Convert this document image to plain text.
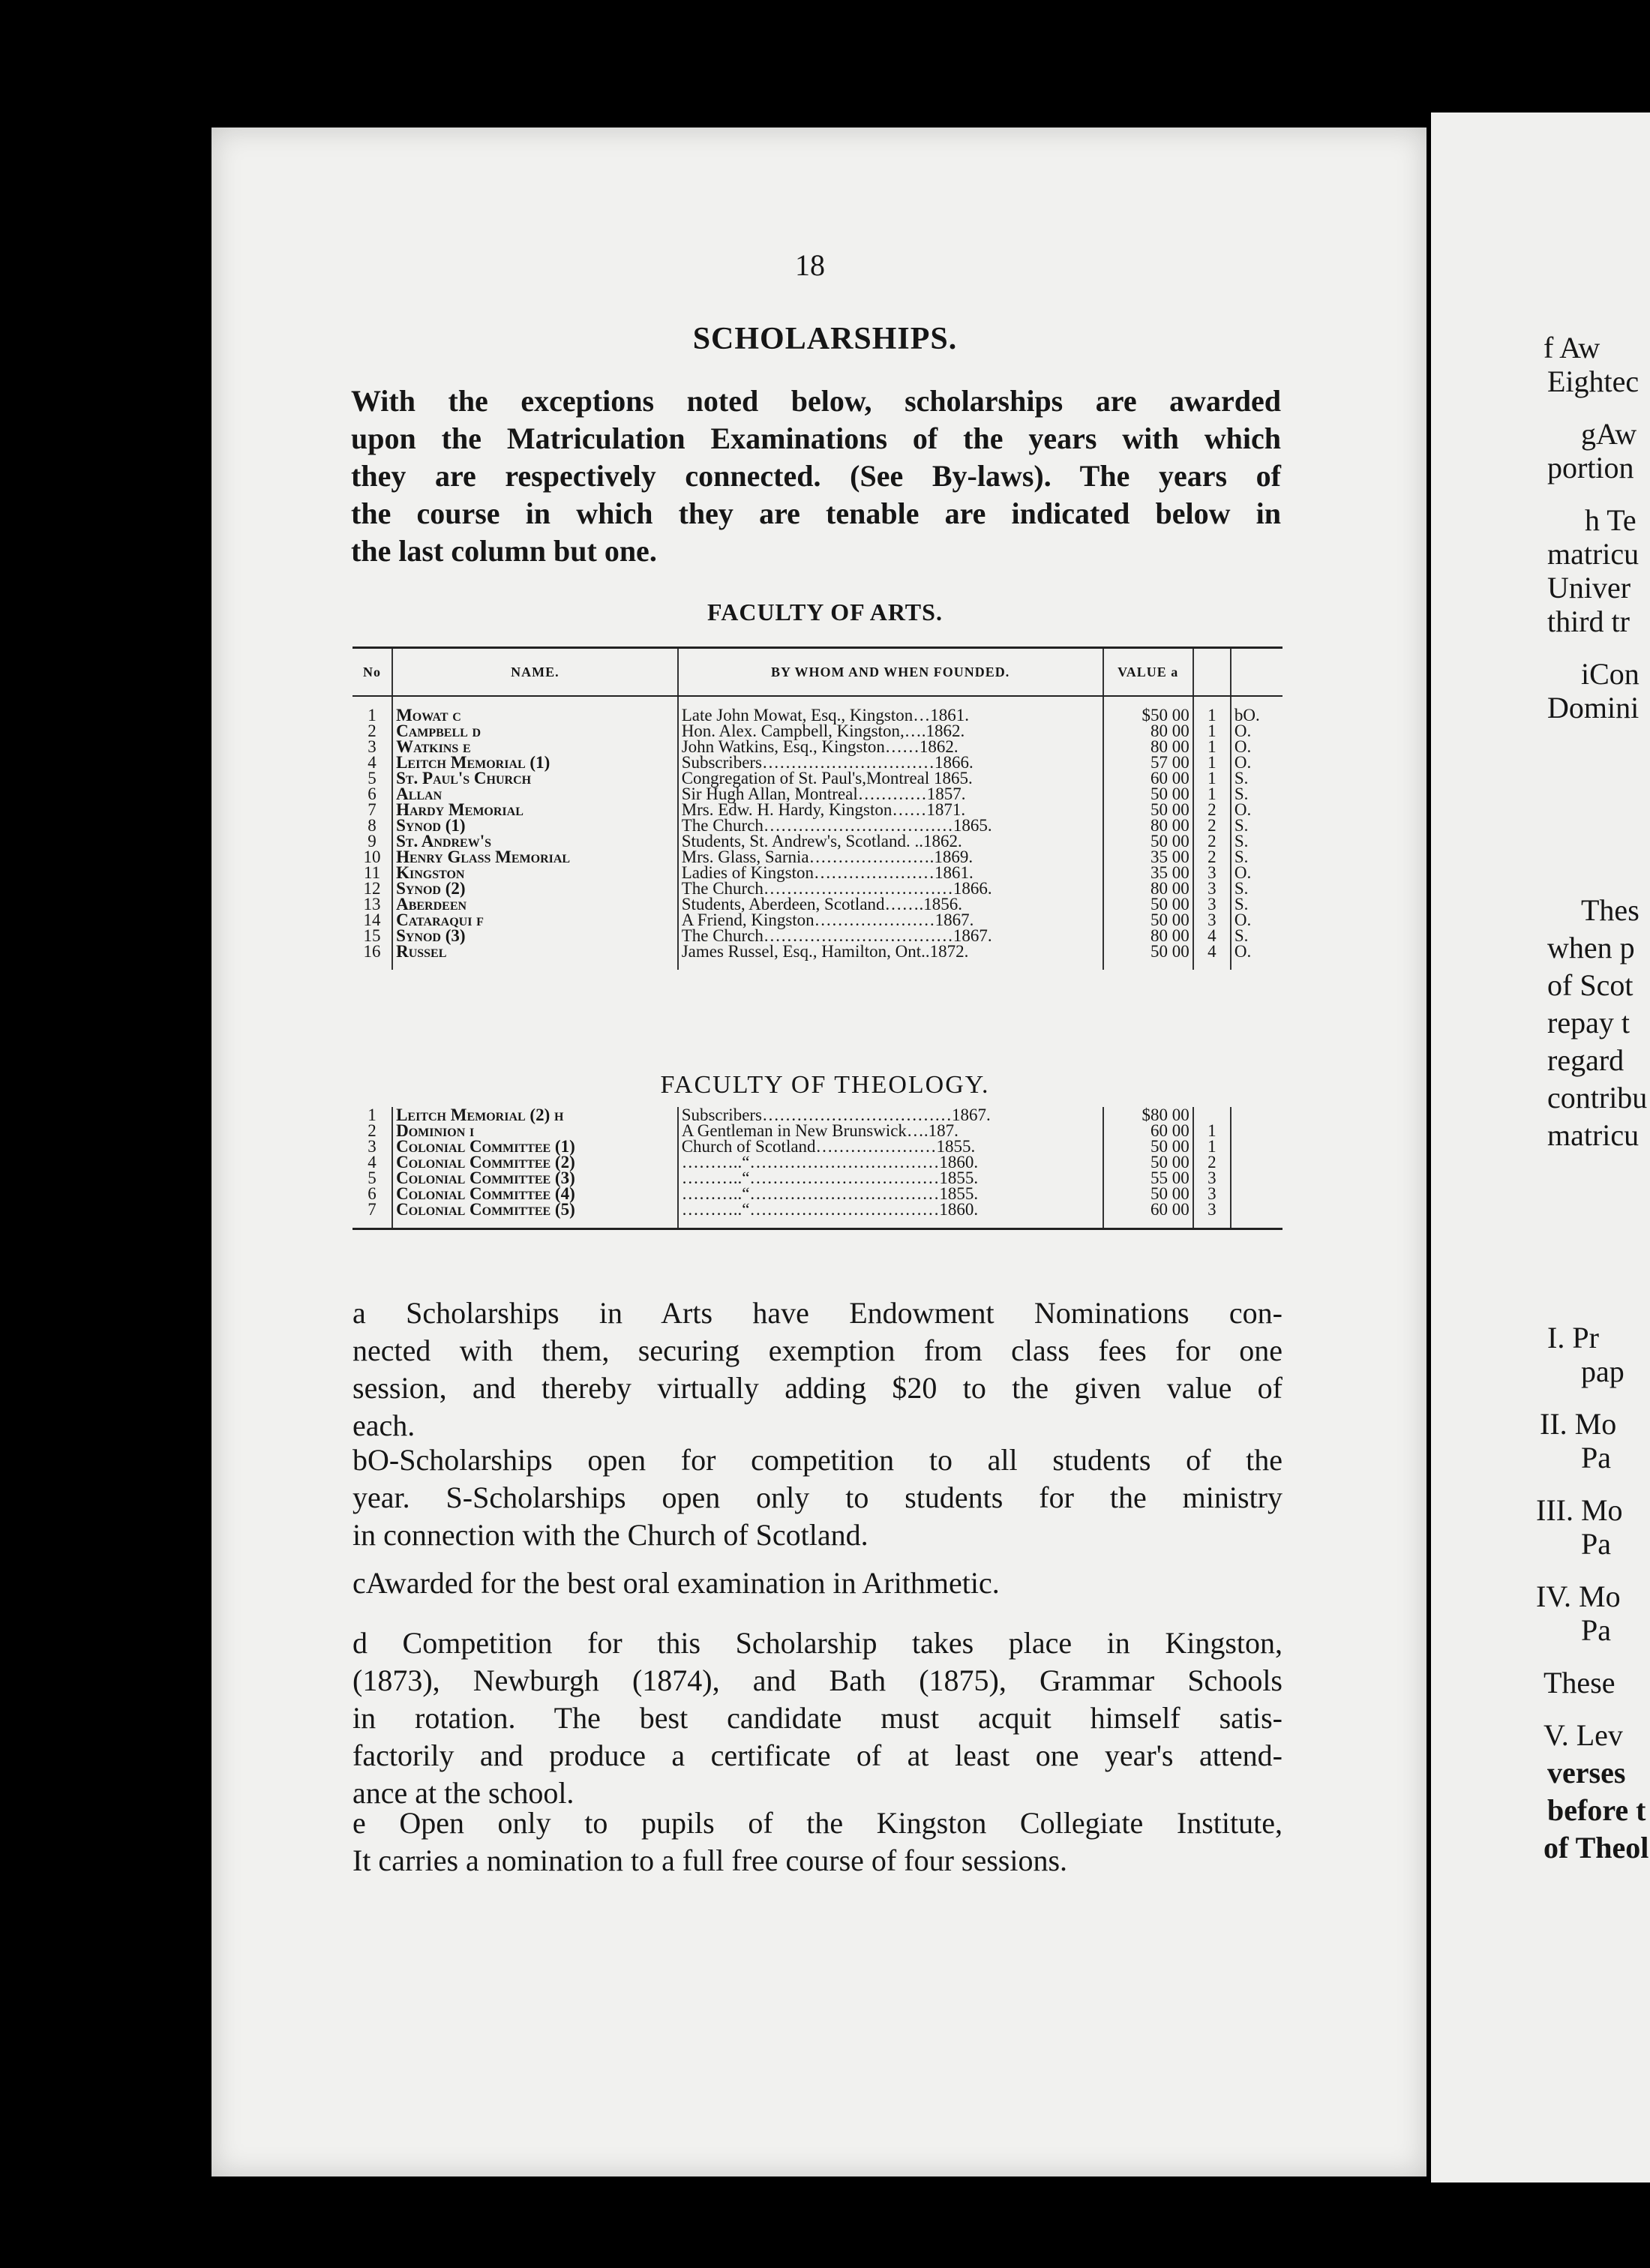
f Aw
Eightec
gAw
portion
h Te
matricu
Univer
third tr
iCon
Domini
Thes
when p
of Scot
repay t
regard
contribu
matricu
I. Pr
pap
II. Mo
Pa
III. Mo
Pa
IV. Mo
Pa
These
V. Lev
verses
before t
of Theol
18
SCHOLARSHIPS.
With the exceptions noted below, scholarships are awarded
upon the Matriculation Examinations of the years with which
they are respectively connected. (See By-laws). The years of
the course in which they are tenable are indicated below in
the last column but one.
FACULTY OF ARTS.
No	NAME.	BY WHOM AND WHEN FOUNDED.	VALUE a		

1	Mowat c	Late John Mowat, Esq., Kingston…1861.	$50 00	1	bO.
2	Campbell d	Hon. Alex. Campbell, Kingston,….1862.	80 00	1	O.
3	Watkins e	John Watkins, Esq., Kingston……1862.	80 00	1	O.
4	Leitch Memorial (1)	Subscribers…………………………1866.	57 00	1	O.
5	St. Paul's Church	Congregation of St. Paul's,Montreal 1865.	60 00	1	S.
6	Allan	Sir Hugh Allan, Montreal…………1857.	50 00	1	S.
7	Hardy Memorial	Mrs. Edw. H. Hardy, Kingston……1871.	50 00	2	O.
8	Synod (1)	The Church……………………………1865.	80 00	2	S.
9	St. Andrew's	Students, St. Andrew's, Scotland. ..1862.	50 00	2	S.
10	Henry Glass Memorial	Mrs. Glass, Sarnia………………….1869.	35 00	2	S.
11	Kingston	Ladies of Kingston…………………1861.	35 00	3	O.
12	Synod (2)	The Church……………………………1866.	80 00	3	S.
13	Aberdeen	Students, Aberdeen, Scotland…….1856.	50 00	3	S.
14	Cataraqui f	A Friend, Kingston…………………1867.	50 00	3	O.
15	Synod (3)	The Church……………………………1867.	80 00	4	S.
16	Russel	James Russel, Esq., Hamilton, Ont..1872.	50 00	4	O.

FACULTY OF THEOLOGY.
1	Leitch Memorial (2) h	Subscribers……………………………1867.	$80 00		
2	Dominion i	A Gentleman in New Brunswick….187.	60 00	1	
3	Colonial Committee (1)	Church of Scotland…………………1855.	50 00	1	
4	Colonial Committee (2)	………..“……………………………1860.	50 00	2	
5	Colonial Committee (3)	………..“……………………………1855.	55 00	3	
6	Colonial Committee (4)	………..“……………………………1855.	50 00	3	
7	Colonial Committee (5)	………..“……………………………1860.	60 00	3	

a Scholarships in Arts have Endowment Nominations con-
nected with them, securing exemption from class fees for one
session, and thereby virtually adding $20 to the given value of
each.
bO-Scholarships open for competition to all students of the
year. S-Scholarships open only to students for the ministry
in connection with the Church of Scotland.
cAwarded for the best oral examination in Arithmetic.
d Competition for this Scholarship takes place in Kingston,
(1873), Newburgh (1874), and Bath (1875), Grammar Schools
in rotation. The best candidate must acquit himself satis-
factorily and produce a certificate of at least one year's attend-
ance at the school.
e Open only to pupils of the Kingston Collegiate Institute,
It carries a nomination to a full free course of four sessions.
